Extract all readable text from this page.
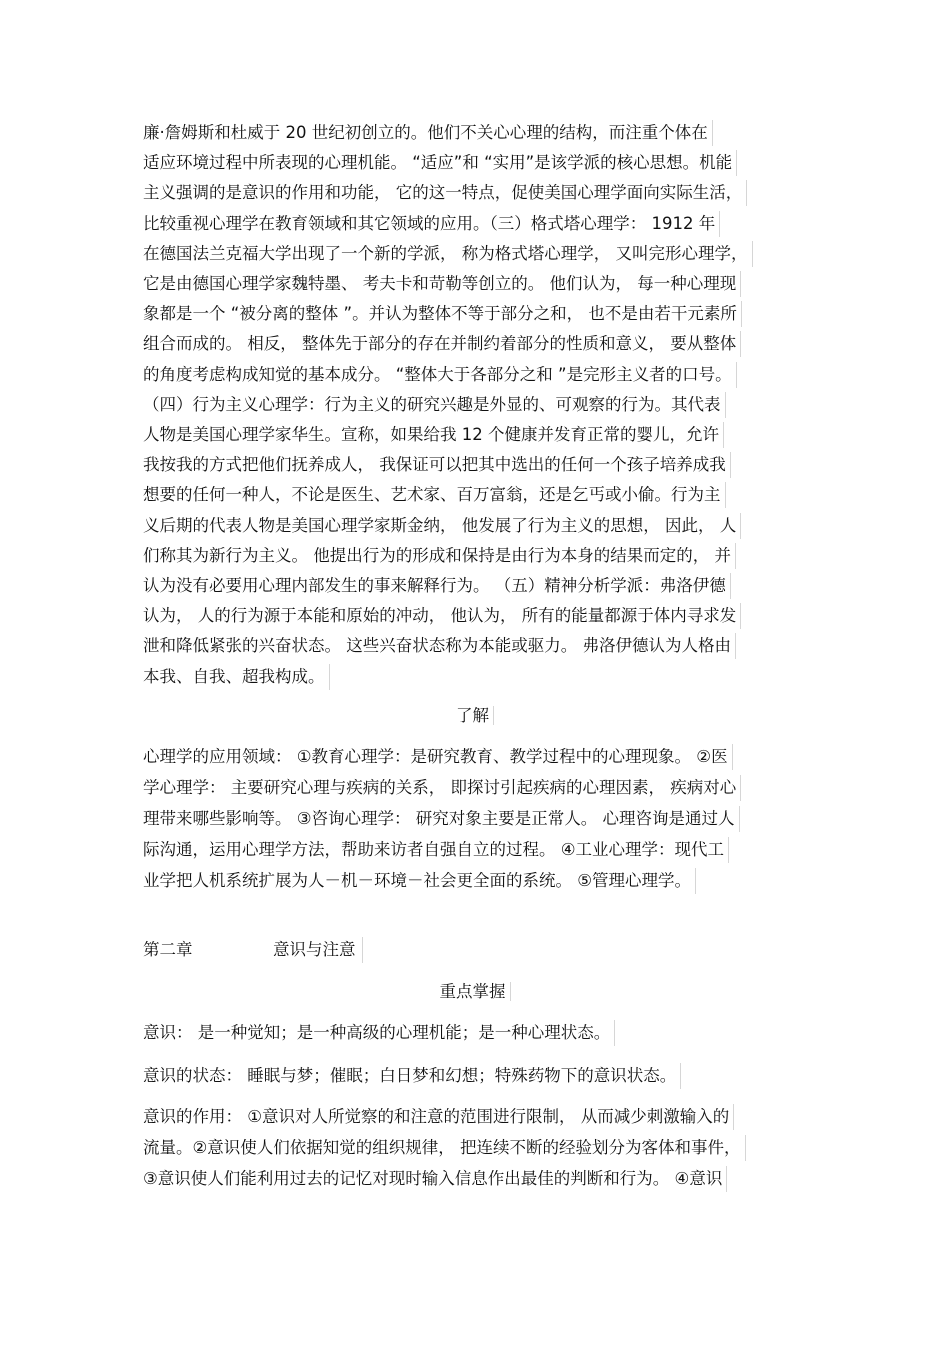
廉·詹姆斯和杜威于 20 世纪初创立的。他们不关心心理的结构，而注重个体在
适应环境过程中所表现的心理机能。 “适应”和 “实用”是该学派的核心思想。机能
主义强调的是意识的作用和功能， 它的这一特点，促使美国心理学面向实际生活，
比较重视心理学在教育领域和其它领域的应用。（三）格式塔心理学： 1912 年
在德国法兰克福大学出现了一个新的学派， 称为格式塔心理学， 又叫完形心理学，
它是由德国心理学家魏特墨、 考夫卡和苛勒等创立的。 他们认为， 每一种心理现
象都是一个 “被分离的整体 ”。并认为整体不等于部分之和， 也不是由若干元素所
组合而成的。 相反， 整体先于部分的存在并制约着部分的性质和意义， 要从整体
的角度考虑构成知觉的基本成分。 “整体大于各部分之和 ”是完形主义者的口号。
（四）行为主义心理学：行为主义的研究兴趣是外显的、可观察的行为。其代表
人物是美国心理学家华生。宣称，如果给我 12 个健康并发育正常的婴儿，允许
我按我的方式把他们抚养成人， 我保证可以把其中选出的任何一个孩子培养成我
想要的任何一种人，不论是医生、艺术家、百万富翁，还是乞丐或小偷。行为主
义后期的代表人物是美国心理学家斯金纳， 他发展了行为主义的思想， 因此， 人
们称其为新行为主义。 他提出行为的形成和保持是由行为本身的结果而定的， 并
认为没有必要用心理内部发生的事来解释行为。 （五）精神分析学派：弗洛伊德
认为， 人的行为源于本能和原始的冲动， 他认为， 所有的能量都源于体内寻求发
泄和降低紧张的兴奋状态。 这些兴奋状态称为本能或驱力。 弗洛伊德认为人格由
本我、自我、超我构成。
了解
心理学的应用领域： ①教育心理学：是研究教育、教学过程中的心理现象。 ②医
学心理学： 主要研究心理与疾病的关系， 即探讨引起疾病的心理因素， 疾病对心
理带来哪些影响等。 ③咨询心理学： 研究对象主要是正常人。 心理咨询是通过人
际沟通，运用心理学方法，帮助来访者自强自立的过程。 ④工业心理学：现代工
业学把人机系统扩展为人－机－环境－社会更全面的系统。 ⑤管理心理学。
第二章	意识与注意
重点掌握
意识： 是一种觉知；是一种高级的心理机能；是一种心理状态。
意识的状态： 睡眠与梦；催眠；白日梦和幻想；特殊药物下的意识状态。
意识的作用： ①意识对人所觉察的和注意的范围进行限制， 从而减少刺激输入的
流量。②意识使人们依据知觉的组织规律， 把连续不断的经验划分为客体和事件，
③意识使人们能利用过去的记忆对现时输入信息作出最佳的判断和行为。 ④意识
